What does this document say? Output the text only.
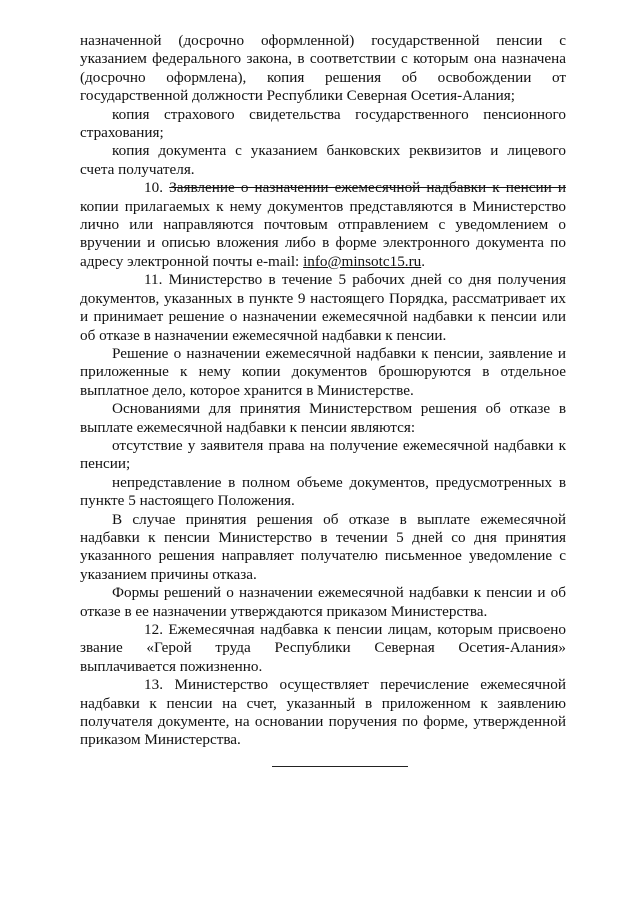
назначенной (досрочно оформленной) государственной пенсии с указанием федерального закона, в соответствии с которым она назначена (досрочно оформлена), копия решения об освобождении от государственной должности Республики Северная Осетия-Алания;

копия страхового свидетельства государственного пенсионного страхования;

копия документа с указанием банковских реквизитов и лицевого счета получателя.

10. Заявление о назначении ежемесячной надбавки к пенсии и копии прилагаемых к нему документов представляются в Министерство лично или направляются почтовым отправлением с уведомлением о вручении и описью вложения либо в форме электронного документа по адресу электронной почты e-mail: info@minsotc15.ru.

11. Министерство в течение 5 рабочих дней со дня получения документов, указанных в пункте 9 настоящего Порядка, рассматривает их и принимает решение о назначении ежемесячной надбавки к пенсии или об отказе в назначении ежемесячной надбавки к пенсии.

Решение о назначении ежемесячной надбавки к пенсии, заявление и приложенные к нему копии документов брошюруются в отдельное выплатное дело, которое хранится в Министерстве.

Основаниями для принятия Министерством решения об отказе в выплате ежемесячной надбавки к пенсии являются:

отсутствие у заявителя права на получение ежемесячной надбавки к пенсии;

непредставление в полном объеме документов, предусмотренных в пункте 5 настоящего Положения.

В случае принятия решения об отказе в выплате ежемесячной надбавки к пенсии Министерство в течении 5 дней со дня принятия указанного решения направляет получателю письменное уведомление с указанием причины отказа.

Формы решений о назначении ежемесячной надбавки к пенсии и об отказе в ее назначении утверждаются приказом Министерства.

12. Ежемесячная надбавка к пенсии лицам, которым присвоено звание «Герой труда Республики Северная Осетия-Алания» выплачивается пожизненно.

13. Министерство осуществляет перечисление ежемесячной надбавки к пенсии на счет, указанный в приложенном к заявлению получателя документе, на основании поручения по форме, утвержденной приказом Министерства.
